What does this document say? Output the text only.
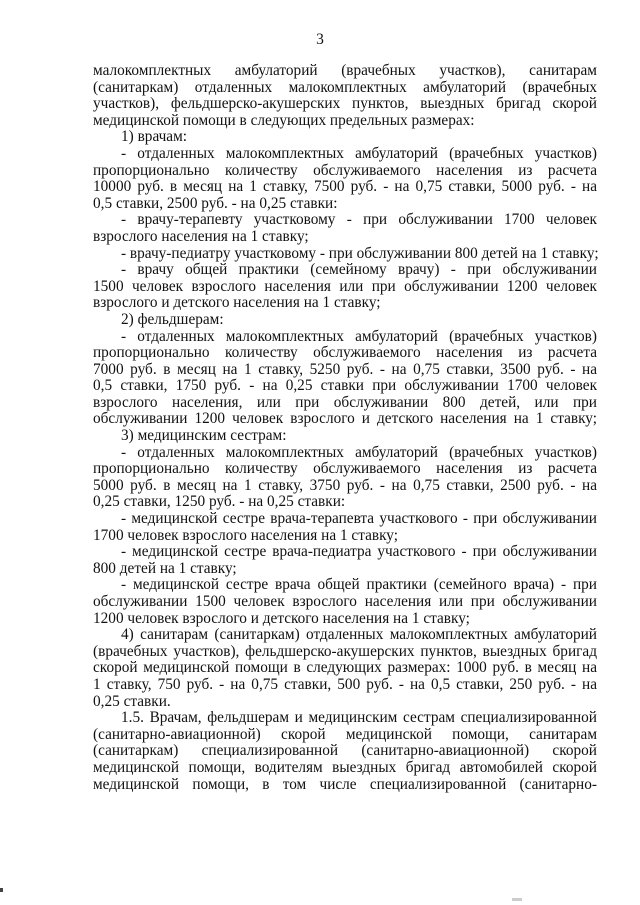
3
малокомплектных амбулаторий (врачебных участков), санитарам
(санитаркам) отдаленных малокомплектных амбулаторий (врачебных
участков), фельдшерско-акушерских пунктов, выездных бригад скорой
медицинской помощи в следующих предельных размерах:
1) врачам:
- отдаленных малокомплектных амбулаторий (врачебных участков)
пропорционально количеству обслуживаемого населения из расчета
10000 руб. в месяц на 1 ставку, 7500 руб. - на 0,75 ставки, 5000 руб. - на
0,5 ставки, 2500 руб. - на 0,25 ставки:
- врачу-терапевту участковому - при обслуживании 1700 человек
взрослого населения на 1 ставку;
- врачу-педиатру участковому - при обслуживании 800 детей на 1 ставку;
- врачу общей практики (семейному врачу) - при обслуживании
1500 человек взрослого населения или при обслуживании 1200 человек
взрослого и детского населения на 1 ставку;
2) фельдшерам:
- отдаленных малокомплектных амбулаторий (врачебных участков)
пропорционально количеству обслуживаемого населения из расчета
7000 руб. в месяц на 1 ставку, 5250 руб. - на 0,75 ставки, 3500 руб. - на
0,5 ставки, 1750 руб. - на 0,25 ставки при обслуживании 1700 человек
взрослого населения, или при обслуживании 800 детей, или при
обслуживании 1200 человек взрослого и детского населения на 1 ставку;
3) медицинским сестрам:
- отдаленных малокомплектных амбулаторий (врачебных участков)
пропорционально количеству обслуживаемого населения из расчета
5000 руб. в месяц на 1 ставку, 3750 руб. - на 0,75 ставки, 2500 руб. - на
0,25 ставки, 1250 руб. - на 0,25 ставки:
- медицинской сестре врача-терапевта участкового - при обслуживании
1700 человек взрослого населения на 1 ставку;
- медицинской сестре врача-педиатра участкового - при обслуживании
800 детей на 1 ставку;
- медицинской сестре врача общей практики (семейного врача) - при
обслуживании 1500 человек взрослого населения или при обслуживании
1200 человек взрослого и детского населения на 1 ставку;
4) санитарам (санитаркам) отдаленных малокомплектных амбулаторий
(врачебных участков), фельдшерско-акушерских пунктов, выездных бригад
скорой медицинской помощи в следующих размерах: 1000 руб. в месяц на
1 ставку, 750 руб. - на 0,75 ставки, 500 руб. - на 0,5 ставки, 250 руб. - на
0,25 ставки.
1.5. Врачам, фельдшерам и медицинским сестрам специализированной
(санитарно-авиационной) скорой медицинской помощи, санитарам
(санитаркам) специализированной (санитарно-авиационной) скорой
медицинской помощи, водителям выездных бригад автомобилей скорой
медицинской помощи, в том числе специализированной (санитарно-
